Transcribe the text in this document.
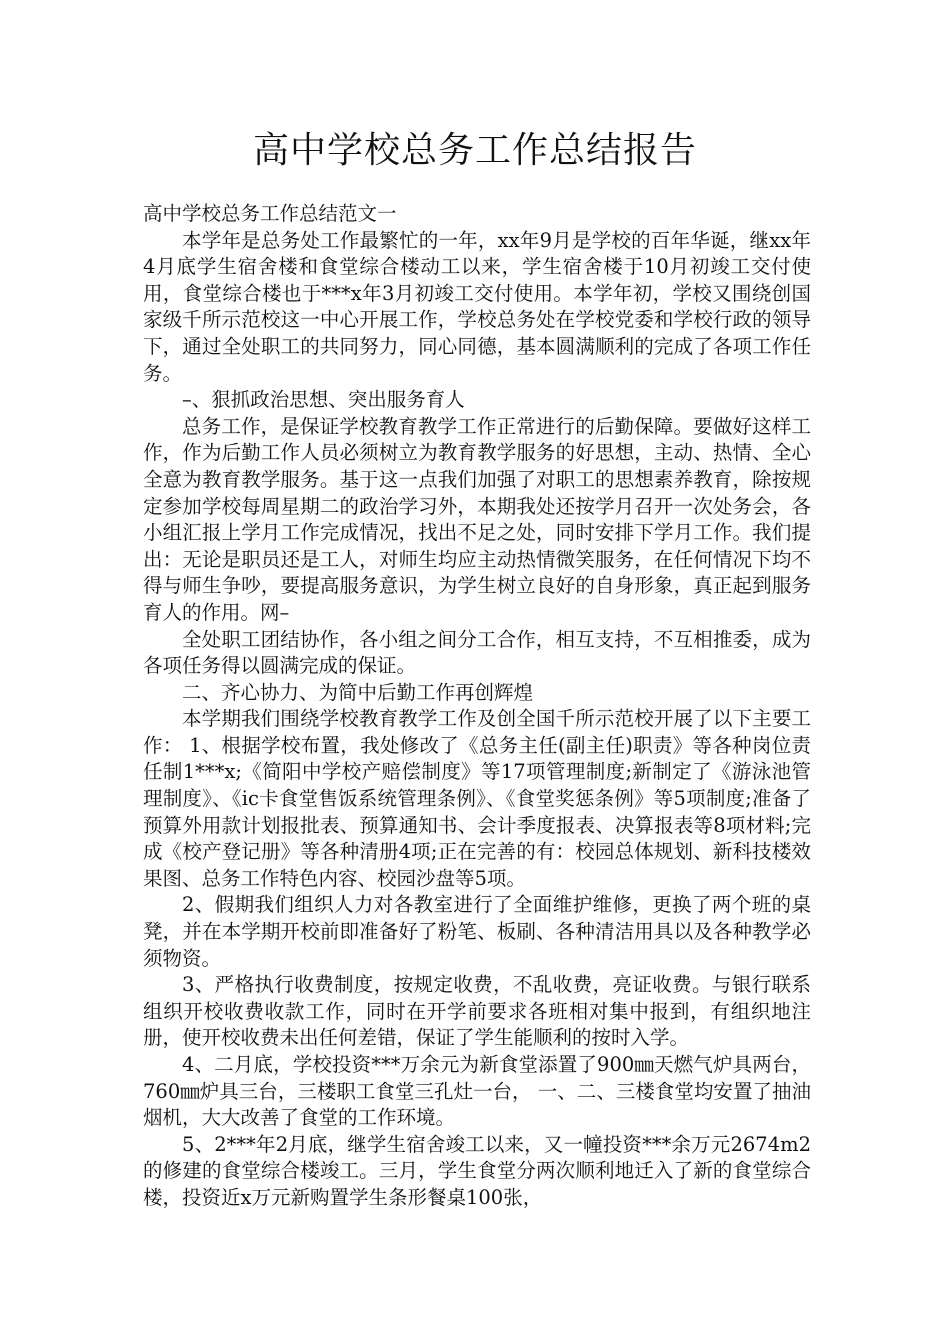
高中学校总务工作总结报告

高中学校总务工作总结范文一

本学年是总务处工作最繁忙的一年，xx年9月是学校的百年华诞，继xx年4月底学生宿舍楼和食堂综合楼动工以来，学生宿舍楼于10月初竣工交付使用，食堂综合楼也于***x年3月初竣工交付使用。本学年初，学校又围绕创国家级千所示范校这一中心开展工作，学校总务处在学校党委和学校行政的领导下，通过全处职工的共同努力，同心同德，基本圆满顺利的完成了各项工作任务。

–、狠抓政治思想、突出服务育人

总务工作，是保证学校教育教学工作正常进行的后勤保障。要做好这样工作，作为后勤工作人员必须树立为教育教学服务的好思想，主动、热情、全心全意为教育教学服务。基于这一点我们加强了对职工的思想素养教育，除按规定参加学校每周星期二的政治学习外，本期我处还按学月召开一次处务会，各小组汇报上学月工作完成情况，找出不足之处，同时安排下学月工作。我们提出：无论是职员还是工人，对师生均应主动热情微笑服务，在任何情况下均不得与师生争吵，要提高服务意识，为学生树立良好的自身形象，真正起到服务育人的作用。网–

全处职工团结协作，各小组之间分工合作，相互支持，不互相推委，成为各项任务得以圆满完成的保证。

二、齐心协力、为简中后勤工作再创辉煌

本学期我们围绕学校教育教学工作及创全国千所示范校开展了以下主要工作： 1、根据学校布置，我处修改了《总务主任(副主任)职责》等各种岗位责任制1***x;《简阳中学校产赔偿制度》等17项管理制度;新制定了《游泳池管理制度》、《ic卡食堂售饭系统管理条例》、《食堂奖惩条例》等5项制度;准备了预算外用款计划报批表、预算通知书、会计季度报表、决算报表等8项材料;完成《校产登记册》等各种清册4项;正在完善的有：校园总体规划、新科技楼效果图、总务工作特色内容、校园沙盘等5项。

2、假期我们组织人力对各教室进行了全面维护维修，更换了两个班的桌凳，并在本学期开校前即准备好了粉笔、板刷、各种清洁用具以及各种教学必须物资。

3、严格执行收费制度，按规定收费，不乱收费，亮证收费。与银行联系组织开校收费收款工作，同时在开学前要求各班相对集中报到，有组织地注册，使开校收费未出任何差错，保证了学生能顺利的按时入学。

4、二月底，学校投资***万余元为新食堂添置了900㎜天燃气炉具两台，760㎜炉具三台，三楼职工食堂三孔灶一台， 一、二、三楼食堂均安置了抽油烟机，大大改善了食堂的工作环境。

5、2***年2月底，继学生宿舍竣工以来，又一幢投资***余万元2674m2的修建的食堂综合楼竣工。三月，学生食堂分两次顺利地迁入了新的食堂综合楼，投资近x万元新购置学生条形餐桌100张，
